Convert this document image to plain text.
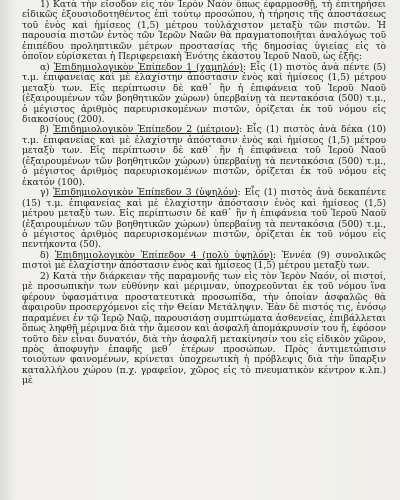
1) Κατὰ τὴν εἴσοδον εἰς τὸν Ἱερὸν Ναὸν ὅπως ἐφαρμοσθῇ, τὴ ἐπιτηρήσει εἰδικῶς ἐξουσιοδοτηθέντος ἐπὶ τούτῳ προσώπου, ἡ τήρησις τῆς ἀποστάσεως τοῦ ἑνὸς καὶ ἡμίσεος (1,5) μέτρου τοὐλάχιστον μεταξὺ τῶν πιστῶν. Ἡ παρουσία πιστῶν ἐντὸς τῶν Ἱερῶν Ναῶν θὰ πραγματοποιῆται ἀναλόγως τοῦ ἐπιπέδου προληπτικῶν μέτρων προστασίας τῆς δημοσίας ὑγιείας εἰς τὸ ὁποῖον εὑρίσκεται ἡ Περιφερειακὴ Ἑνότης ἑκάστου Ἱεροῦ Ναοῦ, ὡς ἑξῆς:

α) Ἐπιδημιολογικὸν Ἐπίπεδον 1 (χαμηλόν): Εἷς (1) πιστὸς ἀνὰ πέντε (5) τ.μ. ἐπιφανείας καὶ μὲ ἐλαχίστην ἀπόστασιν ἑνὸς καὶ ἡμίσεος (1,5) μέτρου μεταξὺ των. Εἰς περίπτωσιν δὲ καθ᾽ ἣν ἡ ἐπιφάνεια τοῦ Ἱεροῦ Ναοῦ (ἐξαιρουμένων τῶν βοηθητικῶν χώρων) ὑπερβαίνῃ τὰ πεντακόσια (500) τ.μ., ὁ μέγιστος ἀριθμὸς παρευρισκομένων πιστῶν, ὁρίζεται ἐκ τοῦ νόμου εἰς διακοσίους (200).

β) Ἐπιδημιολογικὸν Ἐπίπεδον 2 (μέτριον): Εἷς (1) πιστὸς ἀνὰ δέκα (10) τ.μ. ἐπιφανείας καὶ μὲ ἐλαχίστην ἀπόστασιν ἑνὸς καὶ ἡμίσεος (1,5) μέτρου μεταξὺ των. Εἰς περίπτωσιν δὲ καθ᾽ ἣν ἡ ἐπιφάνεια τοῦ Ἱεροῦ Ναοῦ (ἐξαιρουμένων τῶν βοηθητικῶν χώρων) ὑπερβαίνῃ τὰ πεντακόσια (500) τ.μ., ὁ μέγιστος ἀριθμὸς παρευρισκομένων πιστῶν, ὁρίζεται ἐκ τοῦ νόμου εἰς ἑκατόν (100).

γ) Ἐπιδημιολογικὸν Ἐπίπεδον 3 (ὑψηλόν): Εἷς (1) πιστὸς ἀνὰ δεκαπέντε (15) τ.μ. ἐπιφανείας καὶ μὲ ἐλαχίστην ἀπόστασιν ἑνὸς καὶ ἡμίσεος (1,5) μέτρου μεταξὺ των. Εἰς περίπτωσιν δὲ καθ᾽ ἣν ἡ ἐπιφάνεια τοῦ Ἱεροῦ Ναοῦ (ἐξαιρουμένων τῶν βοηθητικῶν χώρων) ὑπερβαίνῃ τὰ πεντακόσια (500) τ.μ., ὁ μέγιστος ἀριθμὸς παρευρισκομένων πιστῶν, ὁρίζεται ἐκ τοῦ νόμου εἰς πεντήκοντα (50).

δ) Ἐπιδημιολογικὸν Ἐπίπεδον 4 (πολὺ ὑψηλόν): Ἐννέα (9) συνολικῶς πιστοὶ μὲ ἐλαχίστην ἀπόστασιν ἑνὸς καὶ ἡμίσεος (1,5) μέτρου μεταξὺ των.

2) Κατὰ τὴν διάρκειαν τῆς παραμονῆς των εἰς τὸν Ἱερὸν Ναόν, οἱ πιστοί, μὲ προσωπικὴν των εὐθύνην καὶ μέριμναν, ὑποχρεοῦνται ἐκ τοῦ νόμου ἵνα φέρουν ὑφασμάτινα προστατευτικὰ προσωπίδα, τὴν ὁποίαν ἀσφαλῶς θὰ ἀφαιροῦν προσερχόμενοι εἰς τὴν Θείαν Μετάληψιν. Ἐὰν δὲ πιστός τις, ἐνόσῳ παραμένει ἐν τῷ Ἱερῷ Ναῷ, παρουσιάσῃ συμπτώματα ἀσθενείας, ἐπιβάλλεται ὅπως ληφθῇ μέριμνα διὰ τὴν ἄμεσον καὶ ἀσφαλῆ ἀπομάκρυνσίν του ἤ, ἐφόσον τοῦτο δὲν εἶναι δυνατόν, διὰ τὴν ἀσφαλῆ μετακίνησίν του εἰς εἰδικὸν χῶρον, πρὸς ἀποφυγὴν ἐπαφῆς μεθ᾽ ἑτέρων προσώπων. Πρὸς ἀντιμετώπισιν τοιούτων φαινομένων, κρίνεται ὑποχρεωτικὴ ἡ πρόβλεψις διὰ τὴν ὕπαρξιν καταλλήλου χώρου (π.χ. γραφεῖον, χῶρος εἰς τὸ πνευματικὸν κέντρον κ.λπ.) μὲ
